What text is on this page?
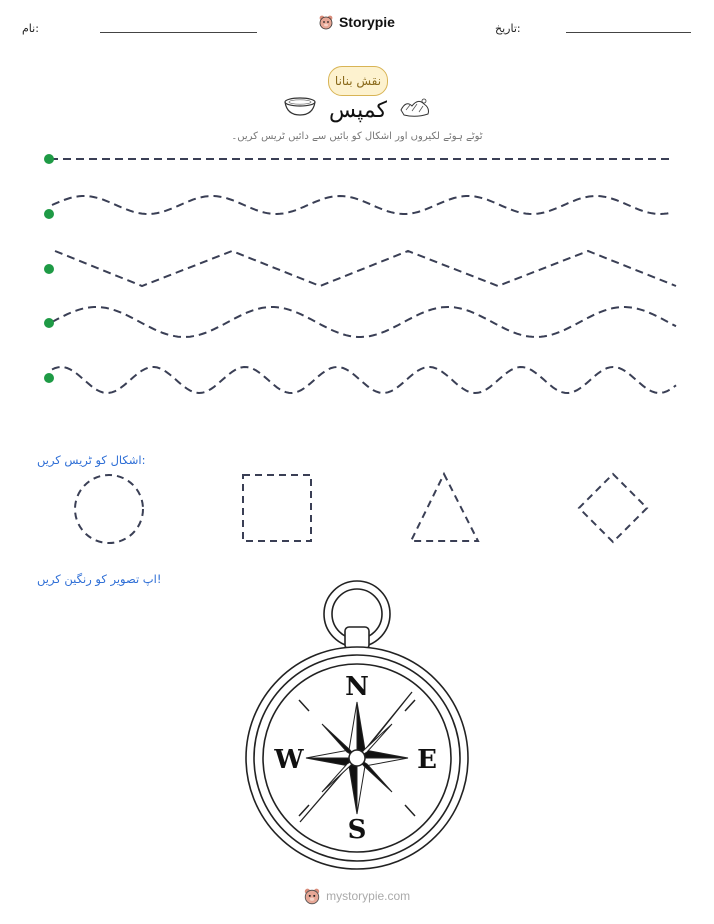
نام:	Storypie	تاریخ:
نقش بنانا
کمپس
ٹوٹے ہوئے لکیروں اور اشکال کو بائیں سے دائیں ٹریس کریں۔
اشکال کو ٹریس کریں:
اپ تصویر کو رنگین کریں!
N
E
S
W
mystorypie.com
